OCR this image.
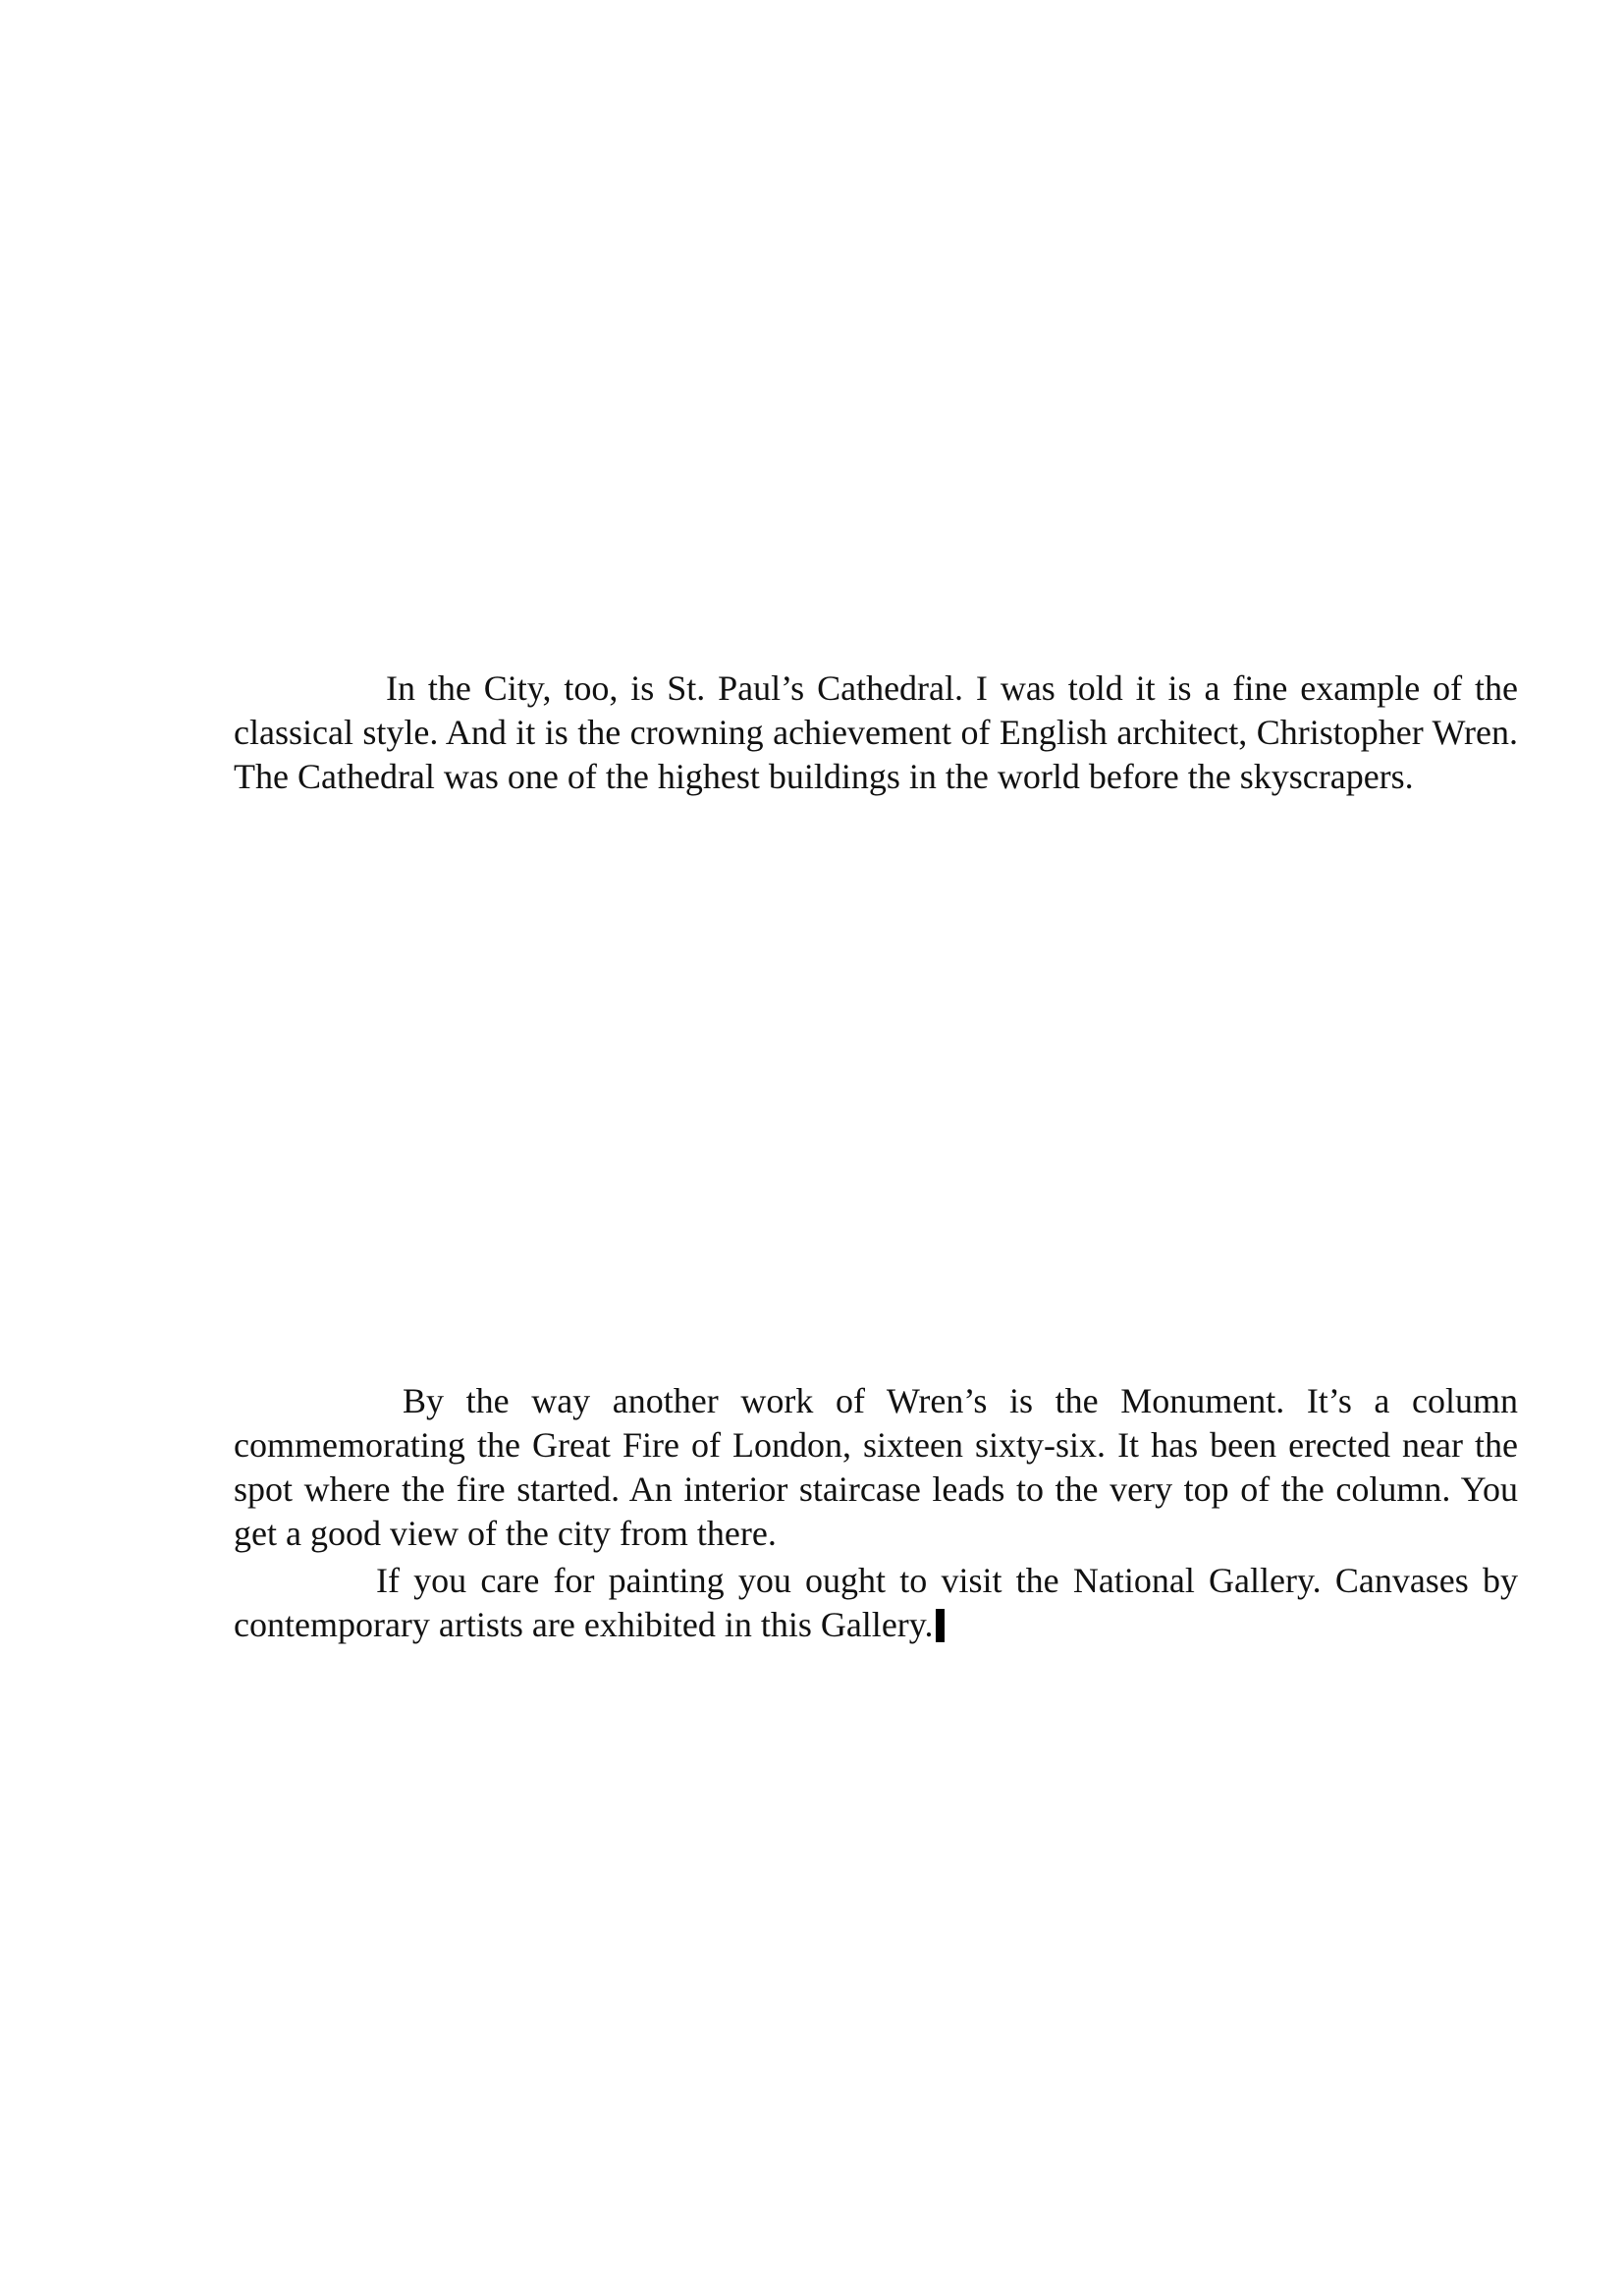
In the City, too, is St. Paul’s Cathedral. I was told it is a fine example of the classical style. And it is the crowning achievement of English architect, Christopher Wren. The Cathedral was one of the highest buildings in the world before the skyscrapers.

By the way another work of Wren’s is the Monument. It’s a column commemorating the Great Fire of London, sixteen sixty-six. It has been erected near the spot where the fire started. An interior staircase leads to the very top of the column. You get a good view of the city from there.

If you care for painting you ought to visit the National Gallery. Canvases by contemporary artists are exhibited in this Gallery.
